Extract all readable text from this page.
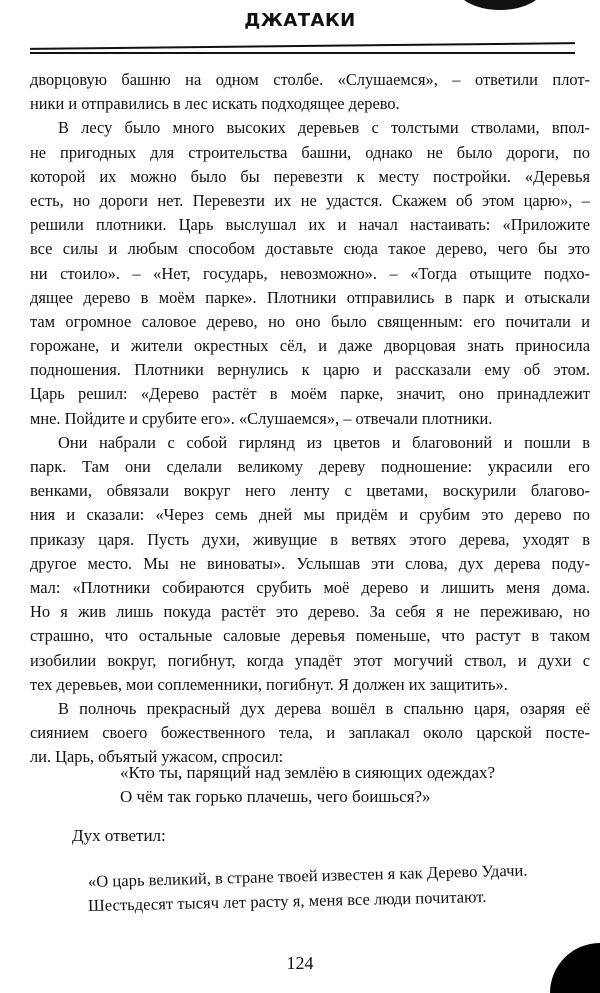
ДЖАТАКИ
дворцовую башню на одном столбе. «Слушаемся», – ответили плот-
ники и отправились в лес искать подходящее дерево.
В лесу было много высоких деревьев с толстыми стволами, впол-
не пригодных для строительства башни, однако не было дороги, по
которой их можно было бы перевезти к месту постройки. «Деревья
есть, но дороги нет. Перевезти их не удастся. Скажем об этом царю», –
решили плотники. Царь выслушал их и начал настаивать: «Приложите
все силы и любым способом доставьте сюда такое дерево, чего бы это
ни стоило». – «Нет, государь, невозможно». – «Тогда отыщите подхо-
дящее дерево в моём парке». Плотники отправились в парк и отыскали
там огромное саловое дерево, но оно было священным: его почитали и
горожане, и жители окрестных сёл, и даже дворцовая знать приносила
подношения. Плотники вернулись к царю и рассказали ему об этом.
Царь решил: «Дерево растёт в моём парке, значит, оно принадлежит
мне. Пойдите и срубите его». «Слушаемся», – отвечали плотники.
Они набрали с собой гирлянд из цветов и благовоний и пошли в
парк. Там они сделали великому дереву подношение: украсили его
венками, обвязали вокруг него ленту с цветами, воскурили благово-
ния и сказали: «Через семь дней мы придём и срубим это дерево по
приказу царя. Пусть духи, живущие в ветвях этого дерева, уходят в
другое место. Мы не виноваты». Услышав эти слова, дух дерева поду-
мал: «Плотники собираются срубить моё дерево и лишить меня дома.
Но я жив лишь покуда растёт это дерево. За себя я не переживаю, но
страшно, что остальные саловые деревья поменьше, что растут в таком
изобилии вокруг, погибнут, когда упадёт этот могучий ствол, и духи с
тех деревьев, мои соплеменники, погибнут. Я должен их защитить».
В полночь прекрасный дух дерева вошёл в спальню царя, озаряя её
сиянием своего божественного тела, и заплакал около царской посте-
ли. Царь, объятый ужасом, спросил:
«Кто ты, парящий над землёю в сияющих одеждах?
О чём так горько плачешь, чего боишься?»
Дух ответил:
«О царь великий, в стране твоей известен я как Дерево Удачи.
Шестьдесят тысяч лет расту я, меня все люди почитают.
124
